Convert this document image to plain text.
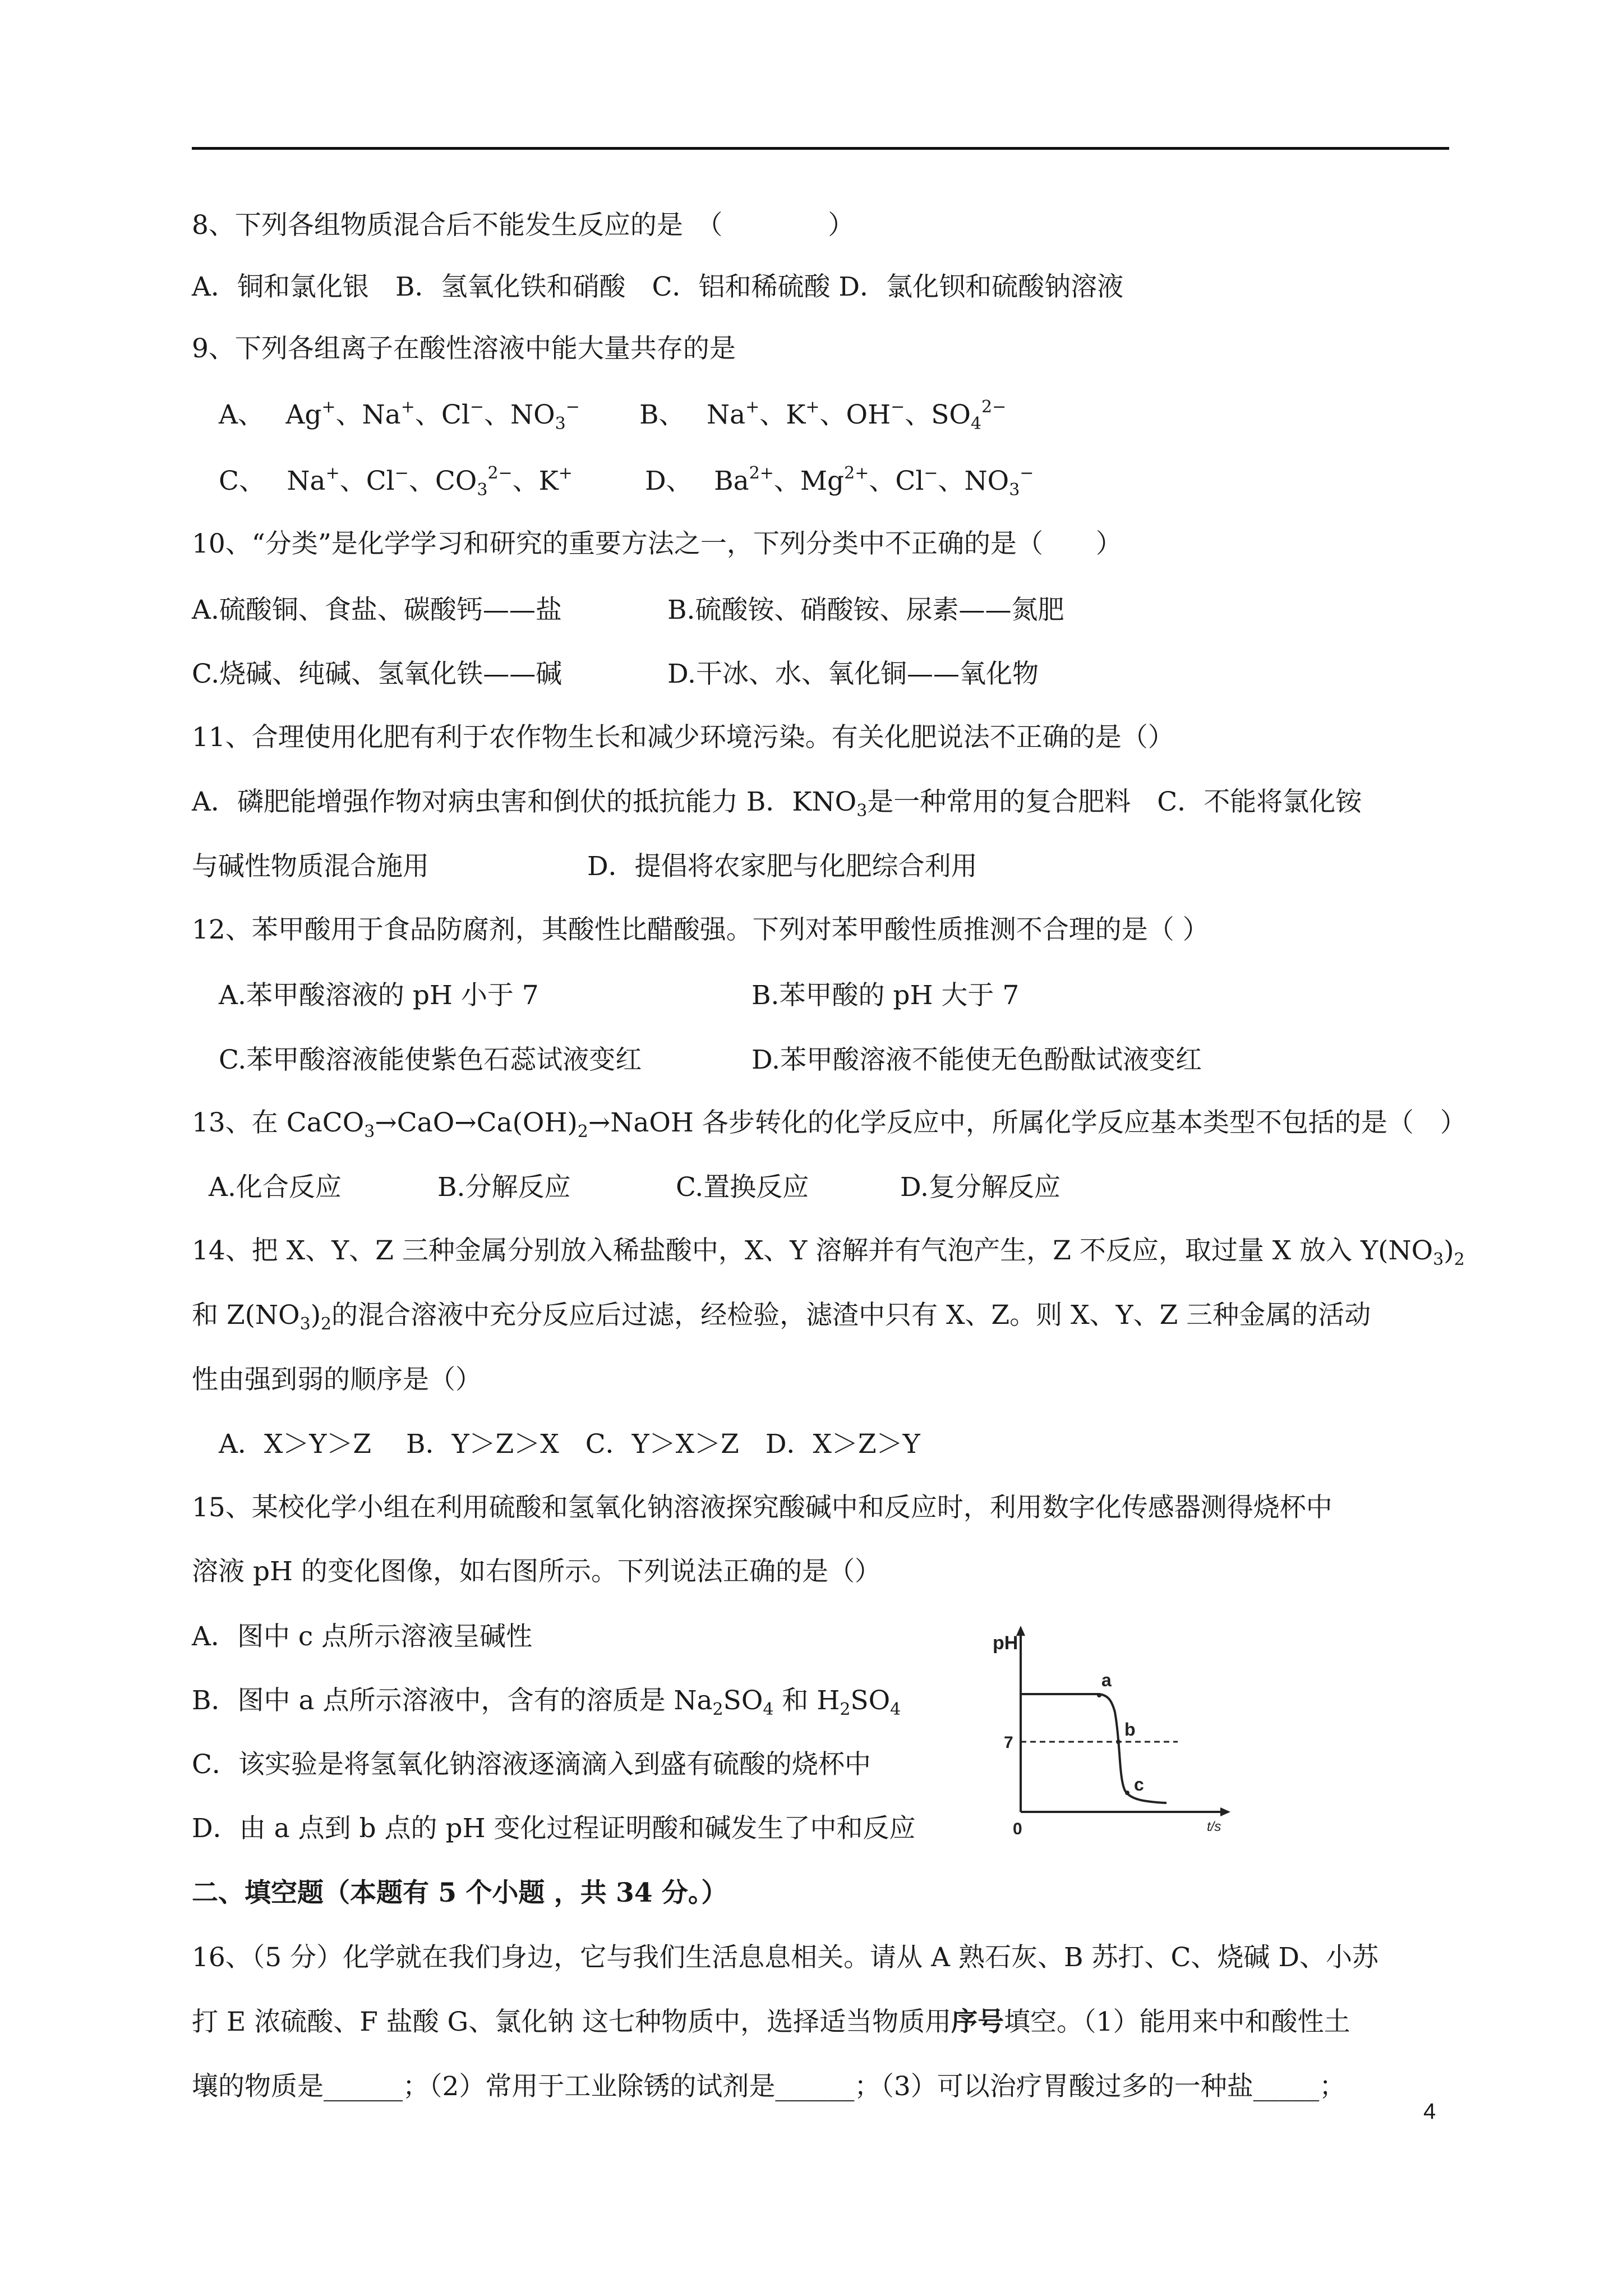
8、下列各组物质混合后不能发生反应的是　（　　　　）
A．铜和氯化银　B．氢氧化铁和硝酸　C．铝和稀硫酸 D．氯化钡和硫酸钠溶液
9、下列各组离子在酸性溶液中能大量共存的是
A、　 Ag+、Na+、Cl−、$NO_3^-$ B、　 Na+、K+、OH−、$SO_4^{2-}$
C、　 Na+、Cl−、$CO_3^{2-}$、K+	D、　 $Ba^{2+}$、$Mg^{2+}$、Cl−、$NO_3^-$
10、“分类”是化学学习和研究的重要方法之一，下列分类中不正确的是（　　）
A.硫酸铜、食盐、碳酸钙——盐	B.硫酸铵、硝酸铵、尿素——氮肥
C.烧碱、纯碱、氢氧化铁——碱	D.干冰、水、氧化铜——氧化物
11、合理使用化肥有利于农作物生长和减少环境污染。有关化肥说法不正确的是（）
A．磷肥能增强作物对病虫害和倒伏的抵抗能力 B．$KNO_3$是一种常用的复合肥料　C．不能将氯化铵
与碱性物质混合施用　　　　　　D．提倡将农家肥与化肥综合利用
12、苯甲酸用于食品防腐剂，其酸性比醋酸强。下列对苯甲酸性质推测不合理的是（ ）
A.苯甲酸溶液的 pH 小于 7	B.苯甲酸的 pH 大于 7
C.苯甲酸溶液能使紫色石蕊试液变红	D.苯甲酸溶液不能使无色酚酞试液变红
13、在 $CaCO_3\to CaO\to Ca(OH)_2\to NaOH$ 各步转化的化学反应中，所属化学反应基本类型不包括的是（　）
A.化合反应	B.分解反应	C.置换反应	D.复分解反应
14、把 X、Y、Z 三种金属分别放入稀盐酸中，X、Y 溶解并有气泡产生，Z 不反应，取过量 X 放入 $Y(NO_3)_2$
和 $Z(NO_3)_2$的混合溶液中充分反应后过滤，经检验，滤渣中只有 X、Z。则 X、Y、Z 三种金属的活动
性由强到弱的顺序是（）
A．X＞Y＞Z　 B．Y＞Z＞X　C．Y＞X＞Z　D．X＞Z＞Y
15、某校化学小组在利用硫酸和氢氧化钠溶液探究酸碱中和反应时，利用数字化传感器测得烧杯中
溶液 pH 的变化图像，如右图所示。下列说法正确的是（）
A．图中 c 点所示溶液呈碱性
B．图中 a 点所示溶液中，含有的溶质是 $Na_2SO_4$ 和 $H_2SO_4$
C．该实验是将氢氧化钠溶液逐滴滴入到盛有硫酸的烧杯中
D．由 a 点到 b 点的 pH 变化过程证明酸和碱发生了中和反应
pH
7
0	t/s
a
b
c
二、填空题（本题有 5 个小题 ，共 34 分。）
16、（5 分）化学就在我们身边，它与我们生活息息相关。请从 A 熟石灰、B 苏打、C、烧碱 D、小苏
打 E 浓硫酸、F 盐酸 G、氯化钠 这七种物质中，选择适当物质用序号填空。（1）能用来中和酸性土
壤的物质是______；（2）常用于工业除锈的试剂是______；（3）可以治疗胃酸过多的一种盐_____；
4
